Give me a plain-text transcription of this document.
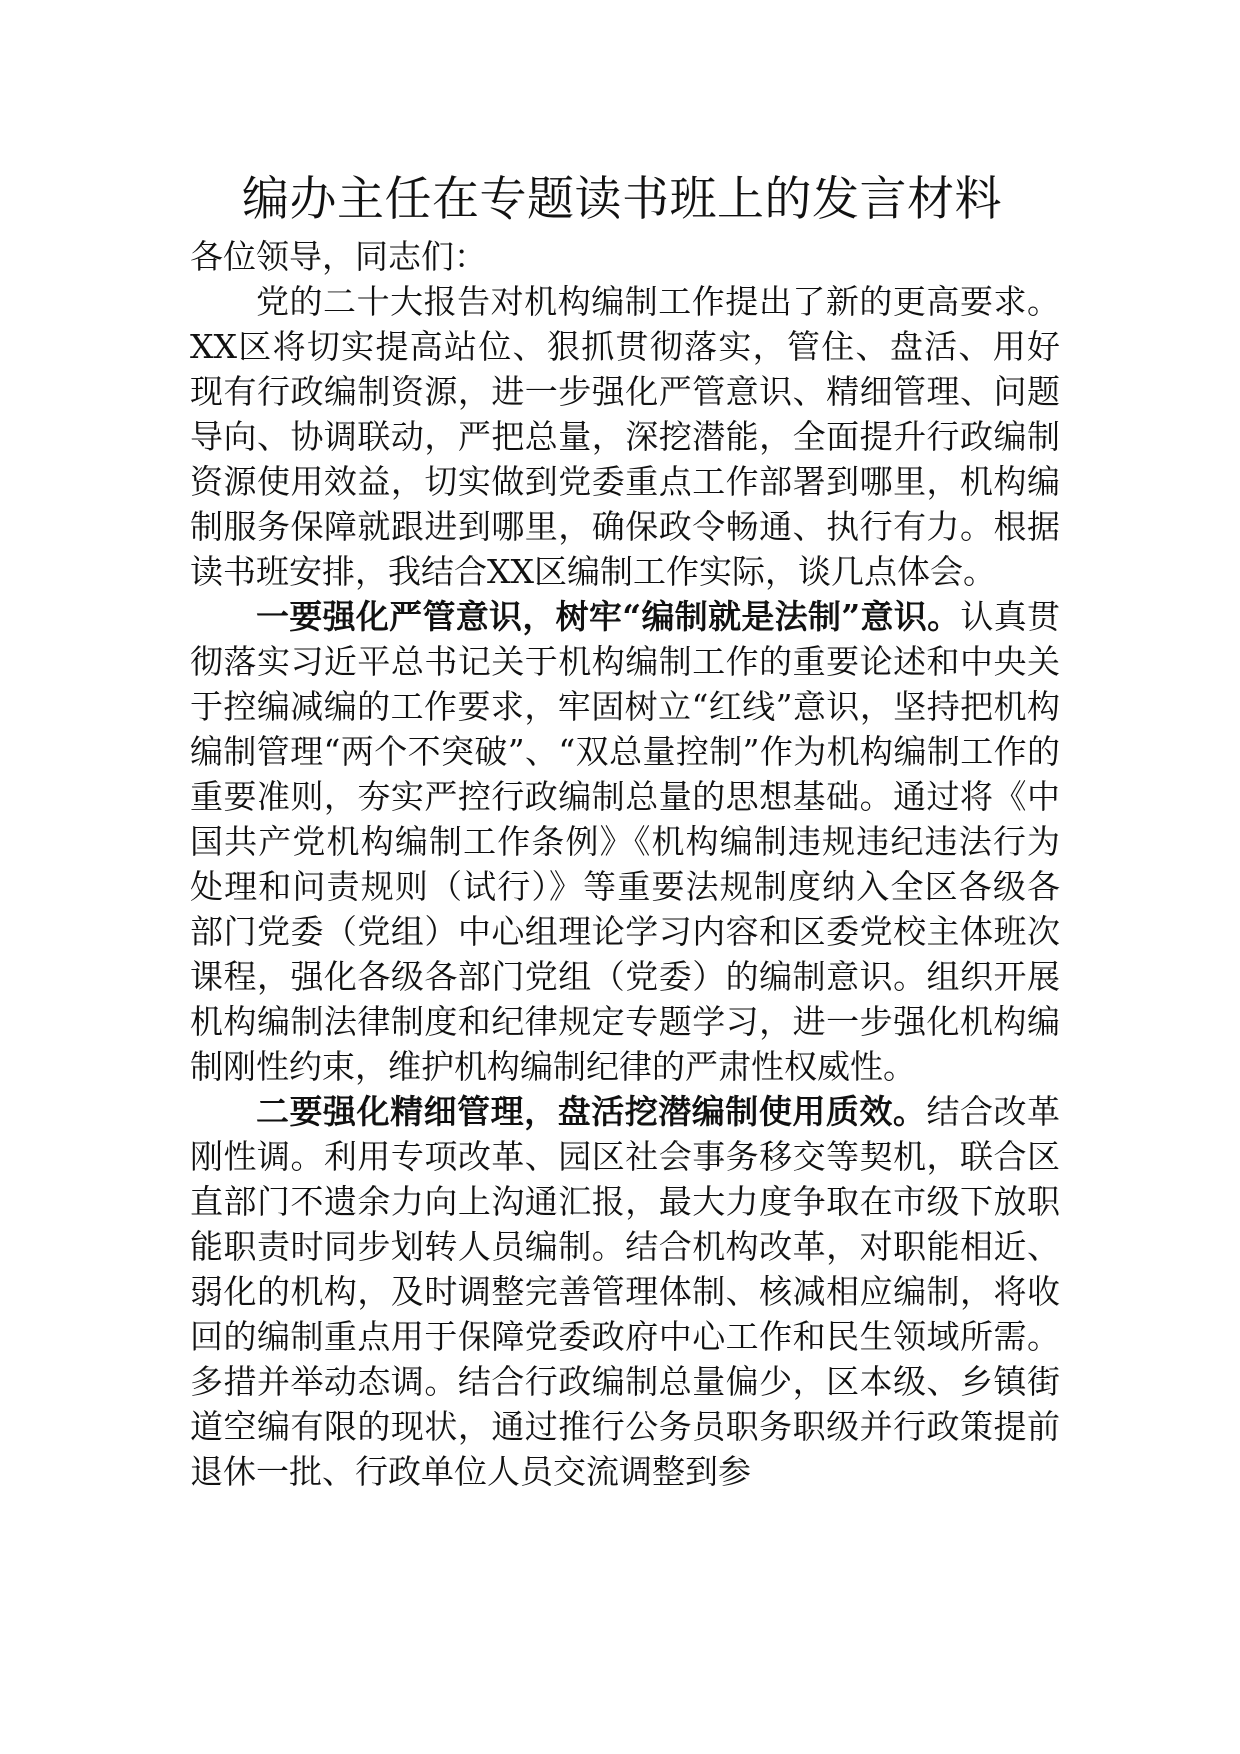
编办主任在专题读书班上的发言材料

各位领导，同志们：

党的二十大报告对机构编制工作提出了新的更高要求。XX区将切实提高站位、狠抓贯彻落实，管住、盘活、用好现有行政编制资源，进一步强化严管意识、精细管理、问题导向、协调联动，严把总量，深挖潜能，全面提升行政编制资源使用效益，切实做到党委重点工作部署到哪里，机构编制服务保障就跟进到哪里，确保政令畅通、执行有力。根据读书班安排，我结合XX区编制工作实际，谈几点体会。

一要强化严管意识，树牢“编制就是法制”意识。认真贯彻落实习近平总书记关于机构编制工作的重要论述和中央关于控编减编的工作要求，牢固树立“红线”意识，坚持把机构编制管理“两个不突破”、“双总量控制”作为机构编制工作的重要准则，夯实严控行政编制总量的思想基础。通过将《中国共产党机构编制工作条例》《机构编制违规违纪违法行为处理和问责规则（试行）》等重要法规制度纳入全区各级各部门党委（党组）中心组理论学习内容和区委党校主体班次课程，强化各级各部门党组（党委）的编制意识。组织开展机构编制法律制度和纪律规定专题学习，进一步强化机构编制刚性约束，维护机构编制纪律的严肃性权威性。

二要强化精细管理，盘活挖潜编制使用质效。结合改革刚性调。利用专项改革、园区社会事务移交等契机，联合区直部门不遗余力向上沟通汇报，最大力度争取在市级下放职能职责时同步划转人员编制。结合机构改革，对职能相近、弱化的机构，及时调整完善管理体制、核减相应编制，将收回的编制重点用于保障党委政府中心工作和民生领域所需。多措并举动态调。结合行政编制总量偏少，区本级、乡镇街道空编有限的现状，通过推行公务员职务职级并行政策提前退休一批、行政单位人员交流调整到参
